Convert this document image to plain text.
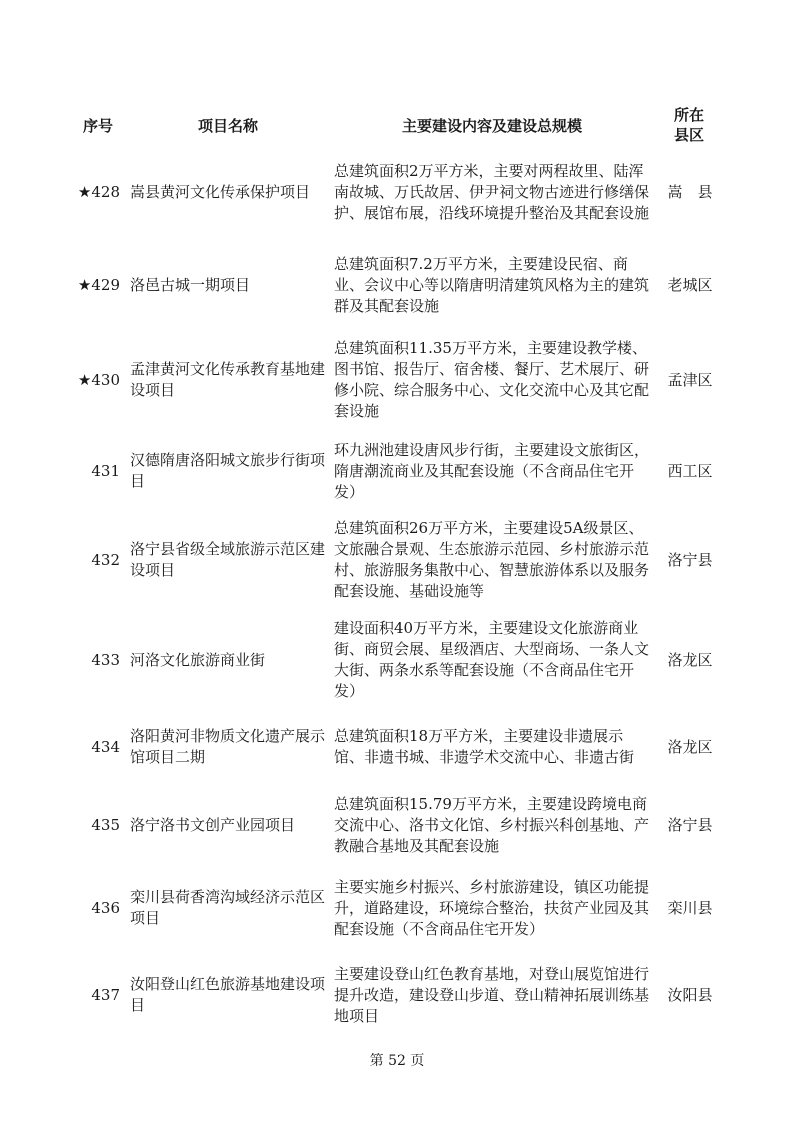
序号	项目名称	主要建设内容及建设总规模
所在
县区
★428 嵩县黄河文化传承保护项目
总建筑面积2万平方米，主要对两程故里、陆浑南故城、万氏故居、伊尹祠文物古迹进行修缮保护、展馆布展，沿线环境提升整治及其配套设施
嵩　县
★429 洛邑古城一期项目
总建筑面积7.2万平方米，主要建设民宿、商业、会议中心等以隋唐明清建筑风格为主的建筑群及其配套设施
老城区
★430
孟津黄河文化传承教育基地建设项目
总建筑面积11.35万平方米，主要建设教学楼、图书馆、报告厅、宿舍楼、餐厅、艺术展厅、研修小院、综合服务中心、文化交流中心及其它配套设施
孟津区
431
汉德隋唐洛阳城文旅步行街项目
环九洲池建设唐风步行街，主要建设文旅街区，隋唐潮流商业及其配套设施（不含商品住宅开发）
西工区
432
洛宁县省级全域旅游示范区建设项目
总建筑面积26万平方米，主要建设5A级景区、文旅融合景观、生态旅游示范园、乡村旅游示范村、旅游服务集散中心、智慧旅游体系以及服务配套设施、基础设施等
洛宁县
433 河洛文化旅游商业街
建设面积40万平方米，主要建设文化旅游商业街、商贸会展、星级酒店、大型商场、一条人文大街、两条水系等配套设施（不含商品住宅开发）
洛龙区
434
洛阳黄河非物质文化遗产展示馆项目二期
总建筑面积18万平方米，主要建设非遗展示馆、非遗书城、非遗学术交流中心、非遗古街
洛龙区
435 洛宁洛书文创产业园项目
总建筑面积15.79万平方米，主要建设跨境电商交流中心、洛书文化馆、乡村振兴科创基地、产教融合基地及其配套设施
洛宁县
436
栾川县荷香湾沟域经济示范区项目
主要实施乡村振兴、乡村旅游建设，镇区功能提升，道路建设，环境综合整治，扶贫产业园及其配套设施（不含商品住宅开发）
栾川县
437
汝阳登山红色旅游基地建设项目
主要建设登山红色教育基地，对登山展览馆进行提升改造，建设登山步道、登山精神拓展训练基地项目
汝阳县
第 52 页
